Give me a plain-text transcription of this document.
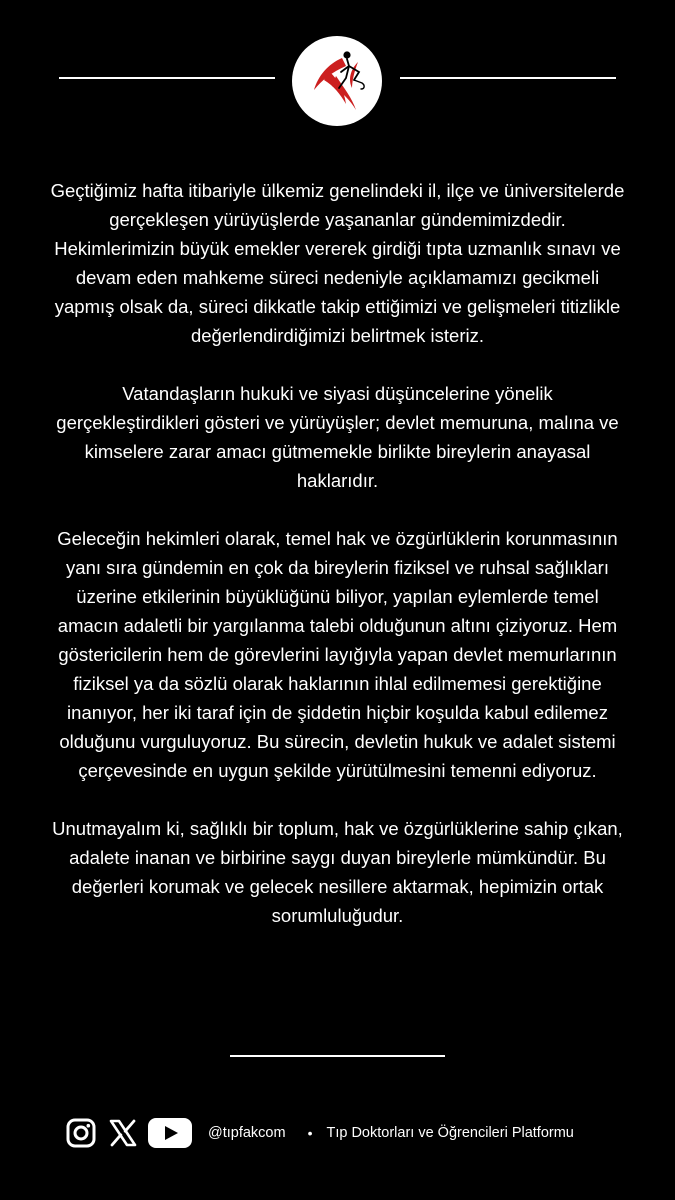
Geçtiğimiz hafta itibariyle ülkemiz genelindeki il, ilçe ve üniversitelerde gerçekleşen yürüyüşlerde yaşananlar gündemimizdedir. Hekimlerimizin büyük emekler vererek girdiği tıpta uzmanlık sınavı ve devam eden mahkeme süreci nedeniyle açıklamamızı gecikmeli yapmış olsak da, süreci dikkatle takip ettiğimizi ve gelişmeleri titizlikle değerlendirdiğimizi belirtmek isteriz.

Vatandaşların hukuki ve siyasi düşüncelerine yönelik gerçekleştirdikleri gösteri ve yürüyüşler; devlet memuruna, malına ve kimselere zarar amacı gütmemekle birlikte bireylerin anayasal haklarıdır.

Geleceğin hekimleri olarak, temel hak ve özgürlüklerin korunmasının yanı sıra gündemin en çok da bireylerin fiziksel ve ruhsal sağlıkları üzerine etkilerinin büyüklüğünü biliyor, yapılan eylemlerde temel amacın adaletli bir yargılanma talebi olduğunun altını çiziyoruz. Hem göstericilerin hem de görevlerini layığıyla yapan devlet memurlarının fiziksel ya da sözlü olarak haklarının ihlal edilmemesi gerektiğine inanıyor, her iki taraf için de şiddetin hiçbir koşulda kabul edilemez olduğunu vurguluyoruz. Bu sürecin, devletin hukuk ve adalet sistemi çerçevesinde en uygun şekilde yürütülmesini temenni ediyoruz.

Unutmayalım ki, sağlıklı bir toplum, hak ve özgürlüklerine sahip çıkan, adalete inanan ve birbirine saygı duyan bireylerle mümkündür. Bu değerleri korumak ve gelecek nesillere aktarmak, hepimizin ortak sorumluluğudur.

@tıpfakcom • Tıp Doktorları ve Öğrencileri Platformu
